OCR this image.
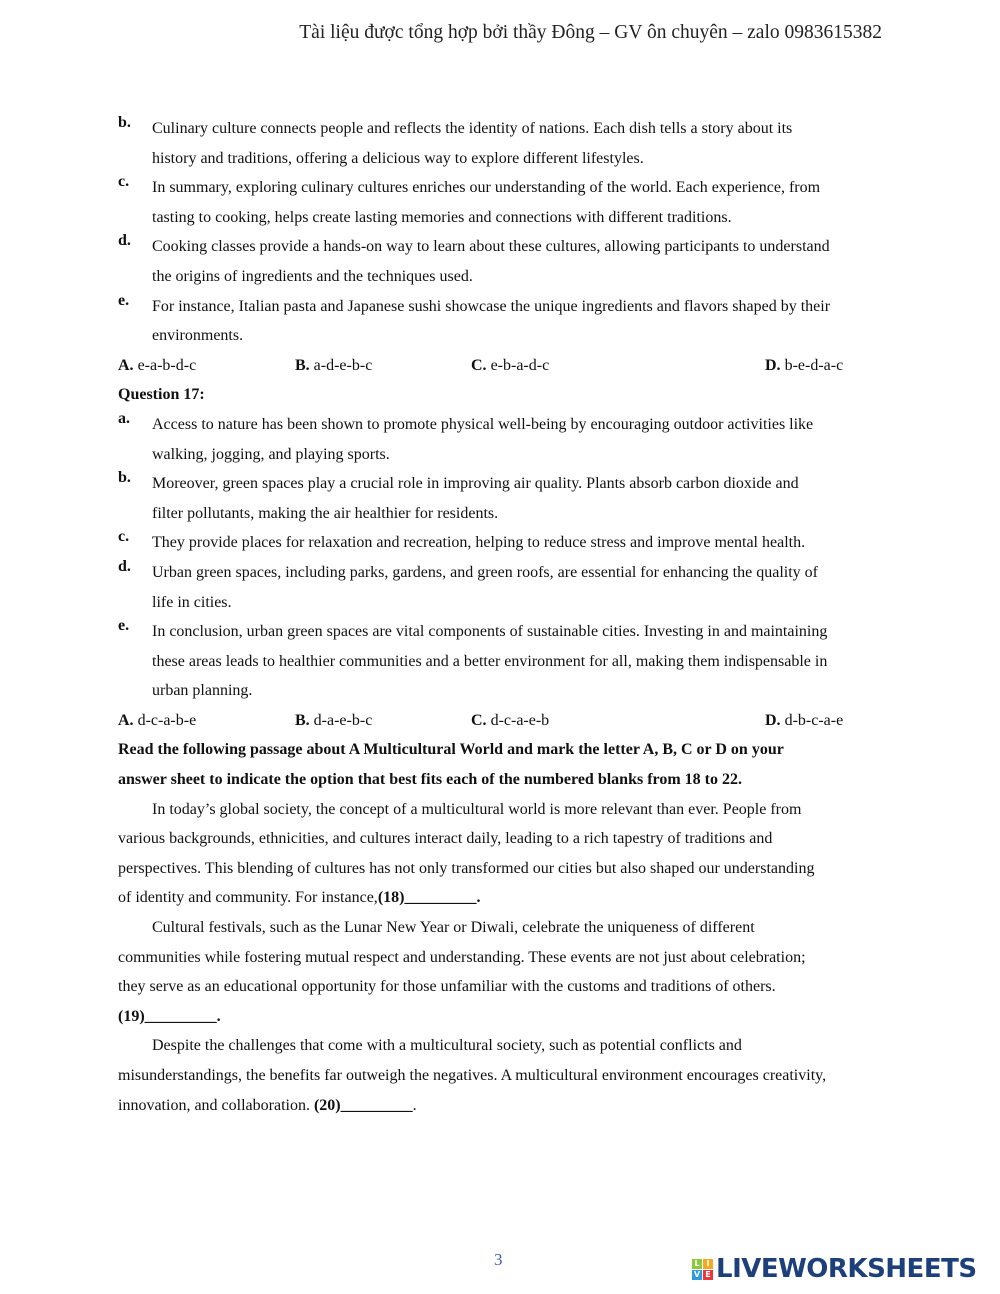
Tài liệu được tổng hợp bởi thầy Đông – GV ôn chuyên – zalo 0983615382
b.	Culinary culture connects people and reflects the identity of nations. Each dish tells a story about its
history and traditions, offering a delicious way to explore different lifestyles.
c.	In summary, exploring culinary cultures enriches our understanding of the world. Each experience, from
tasting to cooking, helps create lasting memories and connections with different traditions.
d.	Cooking classes provide a hands-on way to learn about these cultures, allowing participants to understand
the origins of ingredients and the techniques used.
e.	For instance, Italian pasta and Japanese sushi showcase the unique ingredients and flavors shaped by their
environments.
A. e-a-b-d-c	B. a-d-e-b-c	C. e-b-a-d-c	D. b-e-d-a-c
Question 17:
a.	Access to nature has been shown to promote physical well-being by encouraging outdoor activities like
walking, jogging, and playing sports.
b.	Moreover, green spaces play a crucial role in improving air quality. Plants absorb carbon dioxide and
filter pollutants, making the air healthier for residents.
c.	They provide places for relaxation and recreation, helping to reduce stress and improve mental health.
d.	Urban green spaces, including parks, gardens, and green roofs, are essential for enhancing the quality of
life in cities.
e.	In conclusion, urban green spaces are vital components of sustainable cities. Investing in and maintaining
these areas leads to healthier communities and a better environment for all, making them indispensable in
urban planning.
A. d-c-a-b-e	B. d-a-e-b-c	C. d-c-a-e-b	D. d-b-c-a-e
Read the following passage about A Multicultural World and mark the letter A, B, C or D on your
answer sheet to indicate the option that best fits each of the numbered blanks from 18 to 22.
In today’s global society, the concept of a multicultural world is more relevant than ever. People from
various backgrounds, ethnicities, and cultures interact daily, leading to a rich tapestry of traditions and
perspectives. This blending of cultures has not only transformed our cities but also shaped our understanding
of identity and community. For instance,(18)_________.
Cultural festivals, such as the Lunar New Year or Diwali, celebrate the uniqueness of different
communities while fostering mutual respect and understanding. These events are not just about celebration;
they serve as an educational opportunity for those unfamiliar with the customs and traditions of others.
(19)_________.
Despite the challenges that come with a multicultural society, such as potential conflicts and
misunderstandings, the benefits far outweigh the negatives. A multicultural environment encourages creativity,
innovation, and collaboration. (20)_________.
3	L I
V E LIVEWORKSHEETS
